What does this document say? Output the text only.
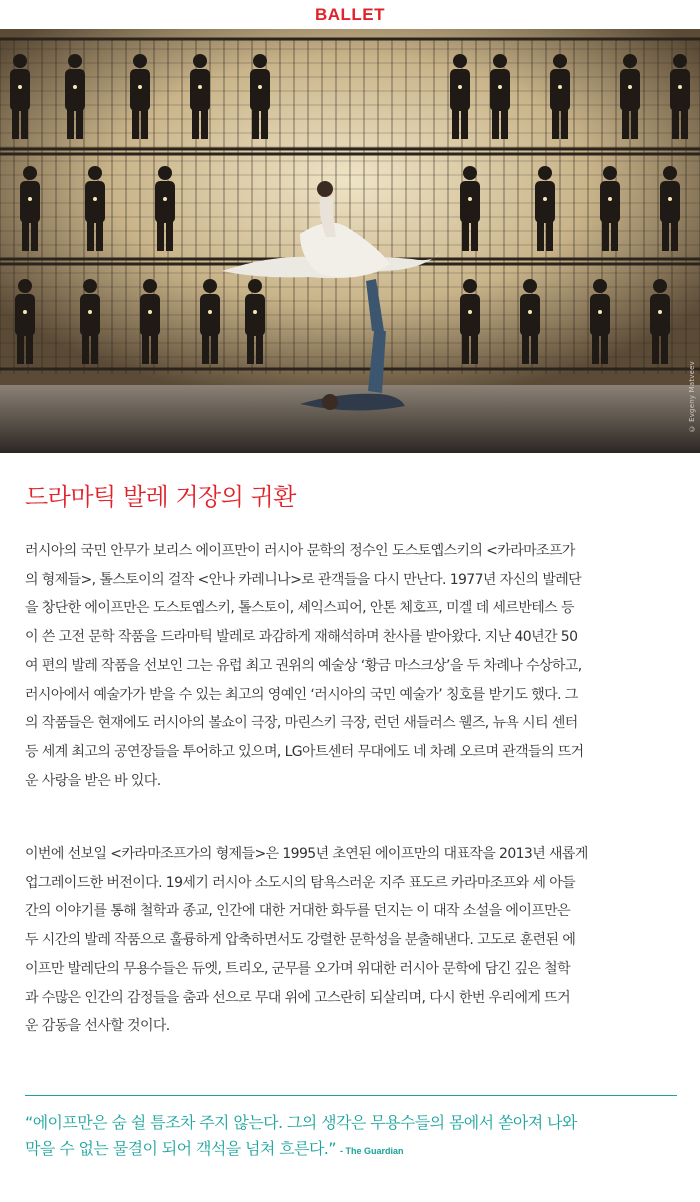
BALLET
© Evgeny Matveev
드라마틱 발레 거장의 귀환
러시아의 국민 안무가 보리스 에이프만이 러시아 문학의 정수인 도스토옙스키의 <카라마조프가
의 형제들>, 톨스토이의 걸작 <안나 카레니나>로 관객들을 다시 만난다. 1977년 자신의 발레단
을 창단한 에이프만은 도스토옙스키, 톨스토이, 셰익스피어, 안톤 체호프, 미겔 데 세르반테스 등
이 쓴 고전 문학 작품을 드라마틱 발레로 과감하게 재해석하며 찬사를 받아왔다. 지난 40년간 50
여 편의 발레 작품을 선보인 그는 유럽 최고 권위의 예술상 ‘황금 마스크상’을 두 차례나 수상하고,
러시아에서 예술가가 받을 수 있는 최고의 영예인 ‘러시아의 국민 예술가’ 칭호를 받기도 했다. 그
의 작품들은 현재에도 러시아의 볼쇼이 극장, 마린스키 극장, 런던 새들러스 웰즈, 뉴욕 시티 센터
등 세계 최고의 공연장들을 투어하고 있으며, LG아트센터 무대에도 네 차례 오르며 관객들의 뜨거
운 사랑을 받은 바 있다.
이번에 선보일 <카라마조프가의 형제들>은 1995년 초연된 에이프만의 대표작을 2013년 새롭게
업그레이드한 버전이다. 19세기 러시아 소도시의 탐욕스러운 지주 표도르 카라마조프와 세 아들
간의 이야기를 통해 철학과 종교, 인간에 대한 거대한 화두를 던지는 이 대작 소설을 에이프만은
두 시간의 발레 작품으로 훌륭하게 압축하면서도 강렬한 문학성을 분출해낸다. 고도로 훈련된 에
이프만 발레단의 무용수들은 듀엣, 트리오, 군무를 오가며 위대한 러시아 문학에 담긴 깊은 철학
과 수많은 인간의 감정들을 춤과 선으로 무대 위에 고스란히 되살리며, 다시 한번 우리에게 뜨거
운 감동을 선사할 것이다.
“에이프만은 숨 쉴 틈조차 주지 않는다. 그의 생각은 무용수들의 몸에서 쏟아져 나와
막을 수 없는 물결이 되어 객석을 넘쳐 흐른다.” - The Guardian
